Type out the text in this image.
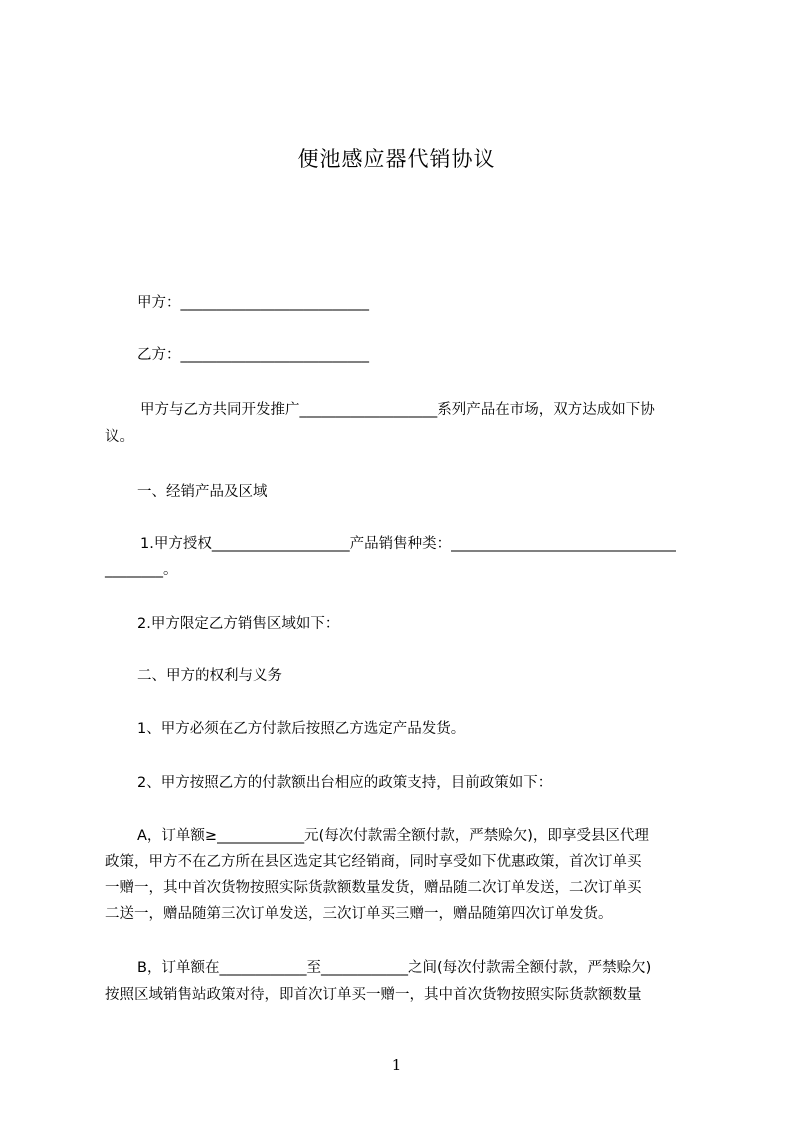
便池感应器代销协议
甲方：__________________________
乙方：__________________________
甲方与乙方共同开发推广___________________系列产品在市场，双方达成如下协
议。
一、经销产品及区域
1.甲方授权___________________产品销售种类：_______________________________
________。
2.甲方限定乙方销售区域如下：
二、甲方的权利与义务
1、甲方必须在乙方付款后按照乙方选定产品发货。
2、甲方按照乙方的付款额出台相应的政策支持，目前政策如下：
A，订单额≥____________元(每次付款需全额付款，严禁赊欠)，即享受县区代理
政策，甲方不在乙方所在县区选定其它经销商，同时享受如下优惠政策，首次订单买
一赠一，其中首次货物按照实际货款额数量发货，赠品随二次订单发送，二次订单买
二送一，赠品随第三次订单发送，三次订单买三赠一，赠品随第四次订单发货。
B，订单额在____________至____________之间(每次付款需全额付款，严禁赊欠)
按照区域销售站政策对待，即首次订单买一赠一，其中首次货物按照实际货款额数量
1
